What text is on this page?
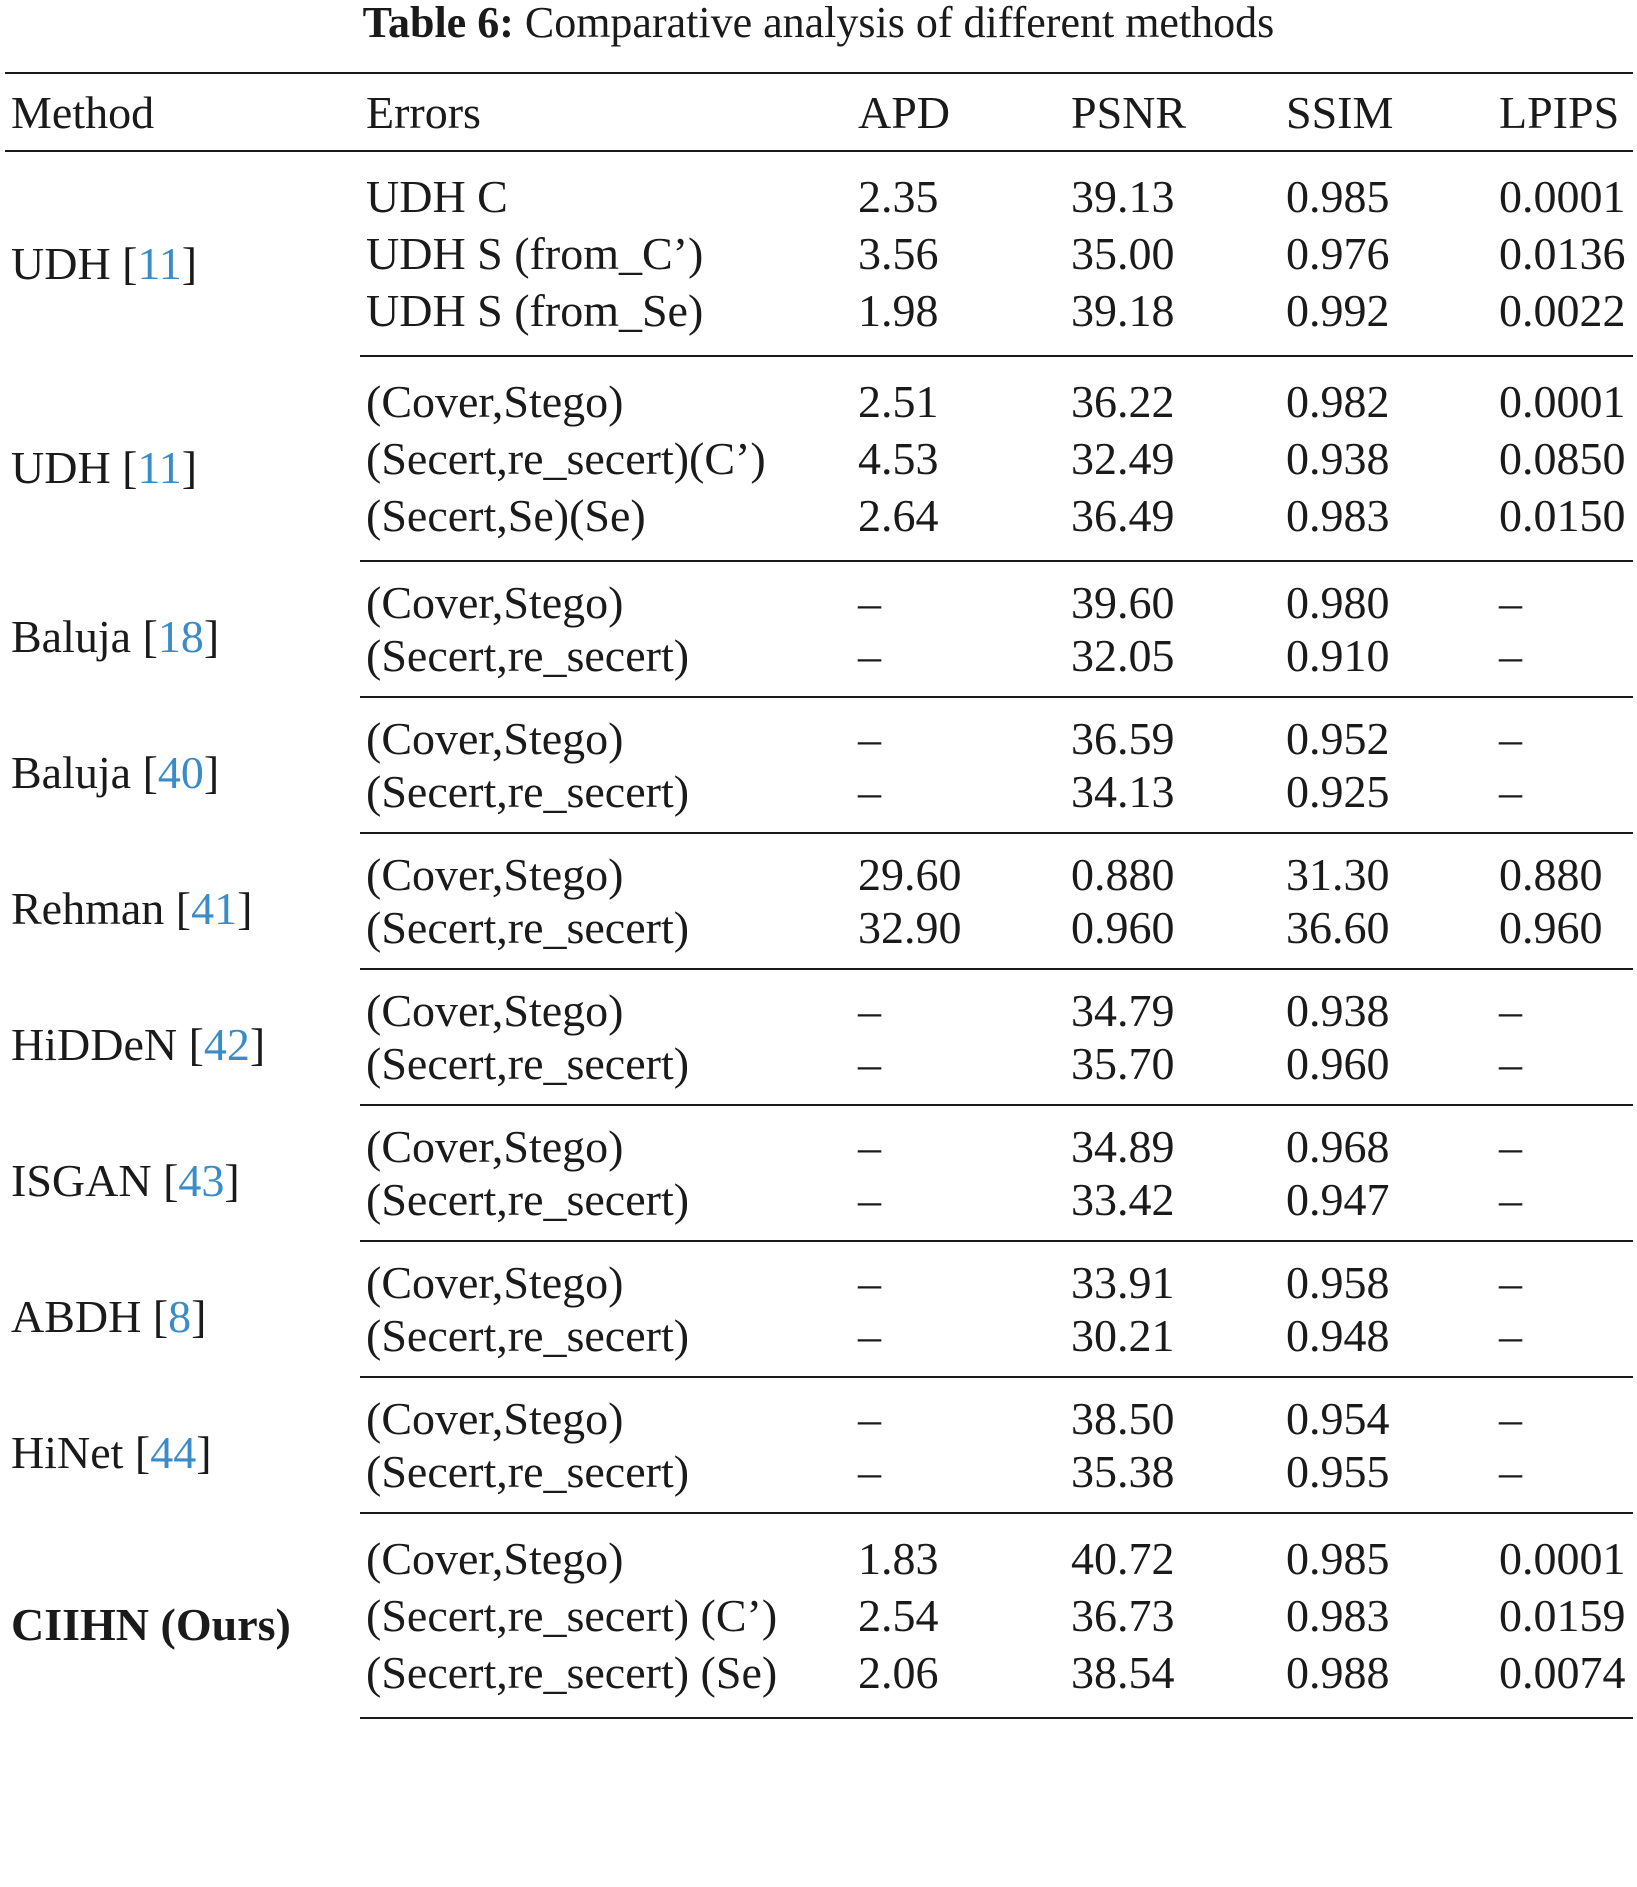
Table 6: Comparative analysis of different methods
Method	Errors	APD	PSNR	SSIM	LPIPS
UDH [11]	UDH C	2.35	39.13	0.985	0.0001
	UDH S (from_C’)	3.56	35.00	0.976	0.0136
	UDH S (from_Se)	1.98	39.18	0.992	0.0022
UDH [11]	(Cover,Stego)	2.51	36.22	0.982	0.0001
	(Secert,re_secert)(C’)	4.53	32.49	0.938	0.0850
	(Secert,Se)(Se)	2.64	36.49	0.983	0.0150
Baluja [18]	(Cover,Stego)	–	39.60	0.980	–
	(Secert,re_secert)	–	32.05	0.910	–
Baluja [40]	(Cover,Stego)	–	36.59	0.952	–
	(Secert,re_secert)	–	34.13	0.925	–
Rehman [41]	(Cover,Stego)	29.60	0.880	31.30	0.880
	(Secert,re_secert)	32.90	0.960	36.60	0.960
HiDDeN [42]	(Cover,Stego)	–	34.79	0.938	–
	(Secert,re_secert)	–	35.70	0.960	–
ISGAN [43]	(Cover,Stego)	–	34.89	0.968	–
	(Secert,re_secert)	–	33.42	0.947	–
ABDH [8]	(Cover,Stego)	–	33.91	0.958	–
	(Secert,re_secert)	–	30.21	0.948	–
HiNet [44]	(Cover,Stego)	–	38.50	0.954	–
	(Secert,re_secert)	–	35.38	0.955	–
CIIHN (Ours)	(Cover,Stego)	1.83	40.72	0.985	0.0001
	(Secert,re_secert) (C’)	2.54	36.73	0.983	0.0159
	(Secert,re_secert) (Se)	2.06	38.54	0.988	0.0074
